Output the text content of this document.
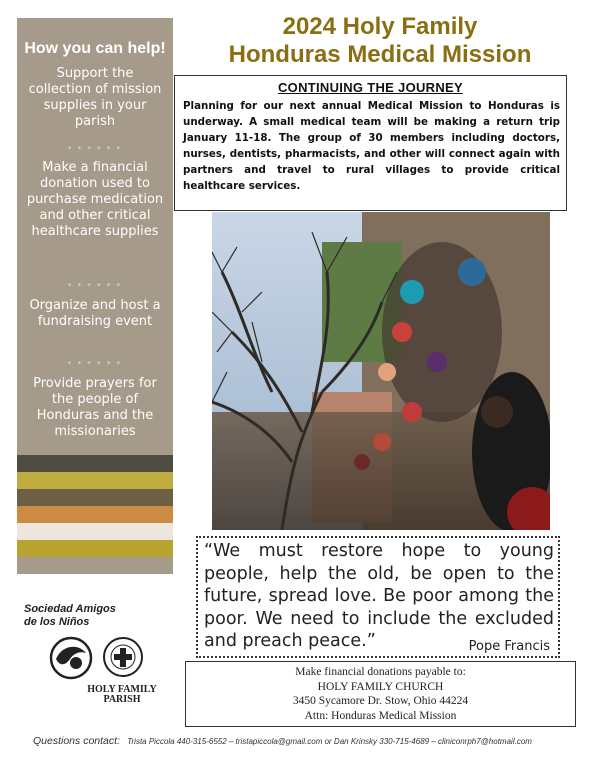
How you can help!
Support the collection of mission supplies in your parish
* * * * * *
Make a financial donation used to purchase medication and other critical healthcare supplies
* * * * * *
Organize and host a fundraising event
* * * * * *
Provide prayers for the people of Honduras and the missionaries
2024 Holy Family
Honduras Medical Mission
CONTINUING THE JOURNEY
Planning for our next annual Medical Mission to Honduras is underway. A small medical team will be making a return trip January 11-18. The group of 30 members including doctors, nurses, dentists, pharmacists, and other will connect again with partners and travel to rural villages to provide critical healthcare services.
“We must restore hope to young people, help the old, be open to the future, spread love. Be poor among the poor. We need to include the excluded and preach peace.”	Pope Francis
Make financial donations payable to:
HOLY FAMILY CHURCH
3450 Sycamore Dr. Stow, Ohio 44224
Attn: Honduras Medical Mission
Sociedad Amigos
de los Niños
HOLY FAMILY
PARISH
Questions contact: Trista Piccola 440-315-6552 – tristapiccola@gmail.com or Dan Krinsky 330-715-4689 – cliniconrph7@hotmail.com
